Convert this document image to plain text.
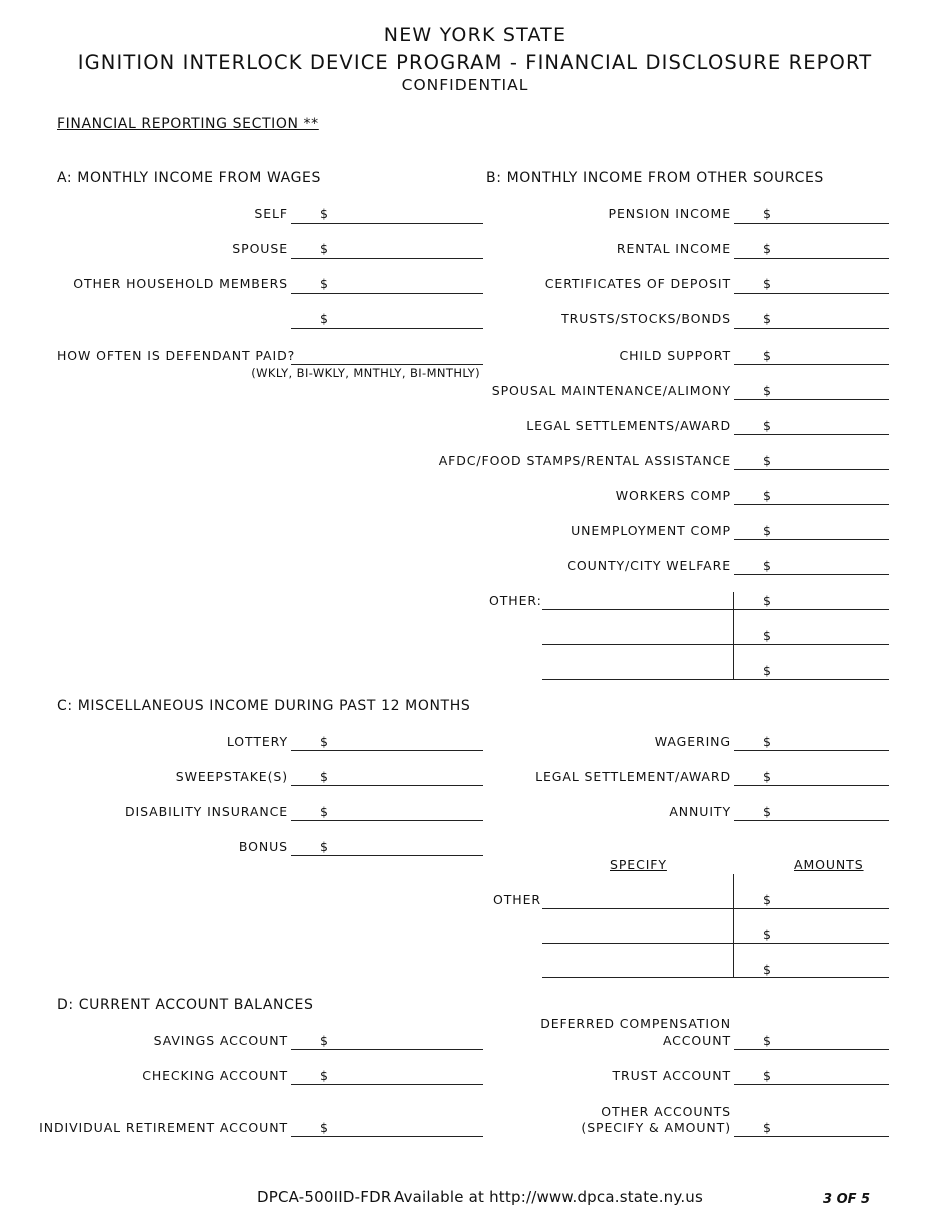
NEW YORK STATE
IGNITION INTERLOCK DEVICE PROGRAM - FINANCIAL DISCLOSURE REPORT
CONFIDENTIAL
FINANCIAL REPORTING SECTION **
A: MONTHLY INCOME FROM WAGES
SELF	$
SPOUSE	$
OTHER HOUSEHOLD MEMBERS	$
$
HOW OFTEN IS DEFENDANT PAID?
(WKLY, BI-WKLY, MNTHLY, BI-MNTHLY)
B: MONTHLY INCOME FROM OTHER SOURCES
PENSION INCOME	$
RENTAL INCOME	$
CERTIFICATES OF DEPOSIT	$
TRUSTS/STOCKS/BONDS	$
CHILD SUPPORT	$
SPOUSAL MAINTENANCE/ALIMONY	$
LEGAL SETTLEMENTS/AWARD	$
AFDC/FOOD STAMPS/RENTAL ASSISTANCE	$
WORKERS COMP	$
UNEMPLOYMENT COMP	$
COUNTY/CITY WELFARE	$
OTHER:	$
$
$
C: MISCELLANEOUS INCOME DURING PAST 12 MONTHS
LOTTERY	$
SWEEPSTAKE(S)	$
DISABILITY INSURANCE	$
BONUS	$
WAGERING	$
LEGAL SETTLEMENT/AWARD	$
ANNUITY	$
SPECIFY	AMOUNTS
OTHER	$
$
$
D: CURRENT ACCOUNT BALANCES
SAVINGS ACCOUNT	$
CHECKING ACCOUNT	$
INDIVIDUAL RETIREMENT ACCOUNT	$
DEFERRED COMPENSATION
ACCOUNT	$
TRUST ACCOUNT	$
OTHER ACCOUNTS
(SPECIFY & AMOUNT)	$
DPCA-500IID-FDR Available at http://www.dpca.state.ny.us	3 OF 5
